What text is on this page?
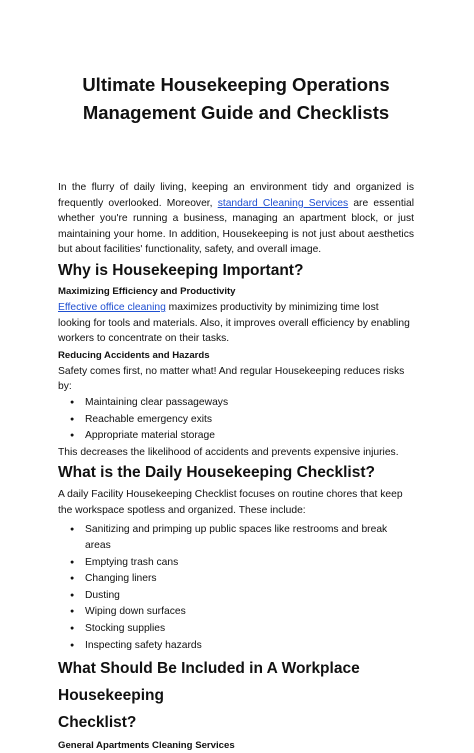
Ultimate Housekeeping Operations
Management Guide and Checklists

In the flurry of daily living, keeping an environment tidy and organized is frequently overlooked. Moreover, standard Cleaning Services are essential whether you're running a business, managing an apartment block, or just maintaining your home. In addition, Housekeeping is not just about aesthetics but about facilities' functionality, safety, and overall image.

Why is Housekeeping Important?
Maximizing Efficiency and Productivity

Effective office cleaning maximizes productivity by minimizing time lost looking for tools and materials. Also, it improves overall efficiency by enabling workers to concentrate on their tasks.

Reducing Accidents and Hazards

Safety comes first, no matter what! And regular Housekeeping reduces risks by:

● Maintaining clear passageways
● Reachable emergency exits
● Appropriate material storage

This decreases the likelihood of accidents and prevents expensive injuries.

What is the Daily Housekeeping Checklist?

A daily Facility Housekeeping Checklist focuses on routine chores that keep the workspace spotless and organized. These include:

● Sanitizing and primping up public spaces like restrooms and break areas
● Emptying trash cans
● Changing liners
● Dusting
● Wiping down surfaces
● Stocking supplies
● Inspecting safety hazards
What Should Be Included in A Workplace Housekeeping
Checklist?
General Apartments Cleaning Services
